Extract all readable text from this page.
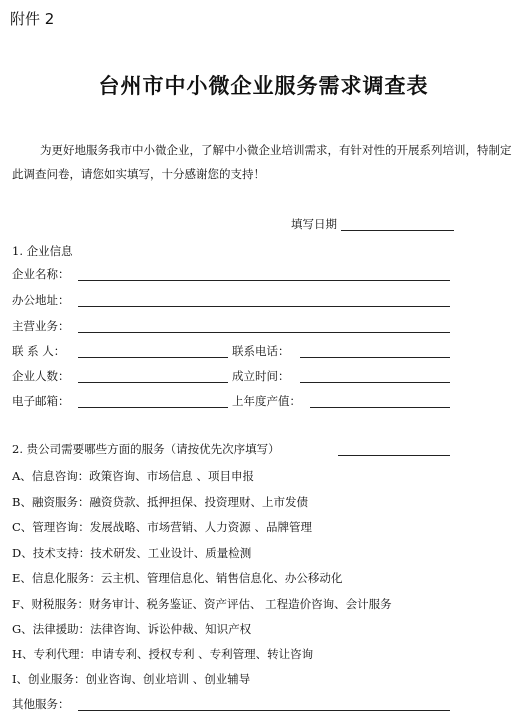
附件 2
台州市中小微企业服务需求调查表
为更好地服务我市中小微企业，了解中小微企业培训需求，有针对性的开展系列培训，特制定此调查问卷，请您如实填写，十分感谢您的支持！
填写日期
1. 企业信息
企业名称：
办公地址：
主营业务：
联 系 人：	联系电话：
企业人数：	成立时间：
电子邮箱：	上年度产值：
2. 贵公司需要哪些方面的服务（请按优先次序填写）
A、信息咨询：政策咨询、市场信息 、项目申报
B、融资服务：融资贷款、抵押担保、投资理财、上市发债
C、管理咨询：发展战略、市场营销、人力资源 、品牌管理
D、技术支持：技术研发、工业设计、质量检测
E、信息化服务：云主机、管理信息化、销售信息化、办公移动化
F、财税服务：财务审计、税务鉴证、资产评估、 工程造价咨询、会计服务
G、法律援助：法律咨询、诉讼仲裁、知识产权
H、专利代理：申请专利、授权专利 、专利管理、转让咨询
I、创业服务：创业咨询、创业培训 、创业辅导
其他服务：
